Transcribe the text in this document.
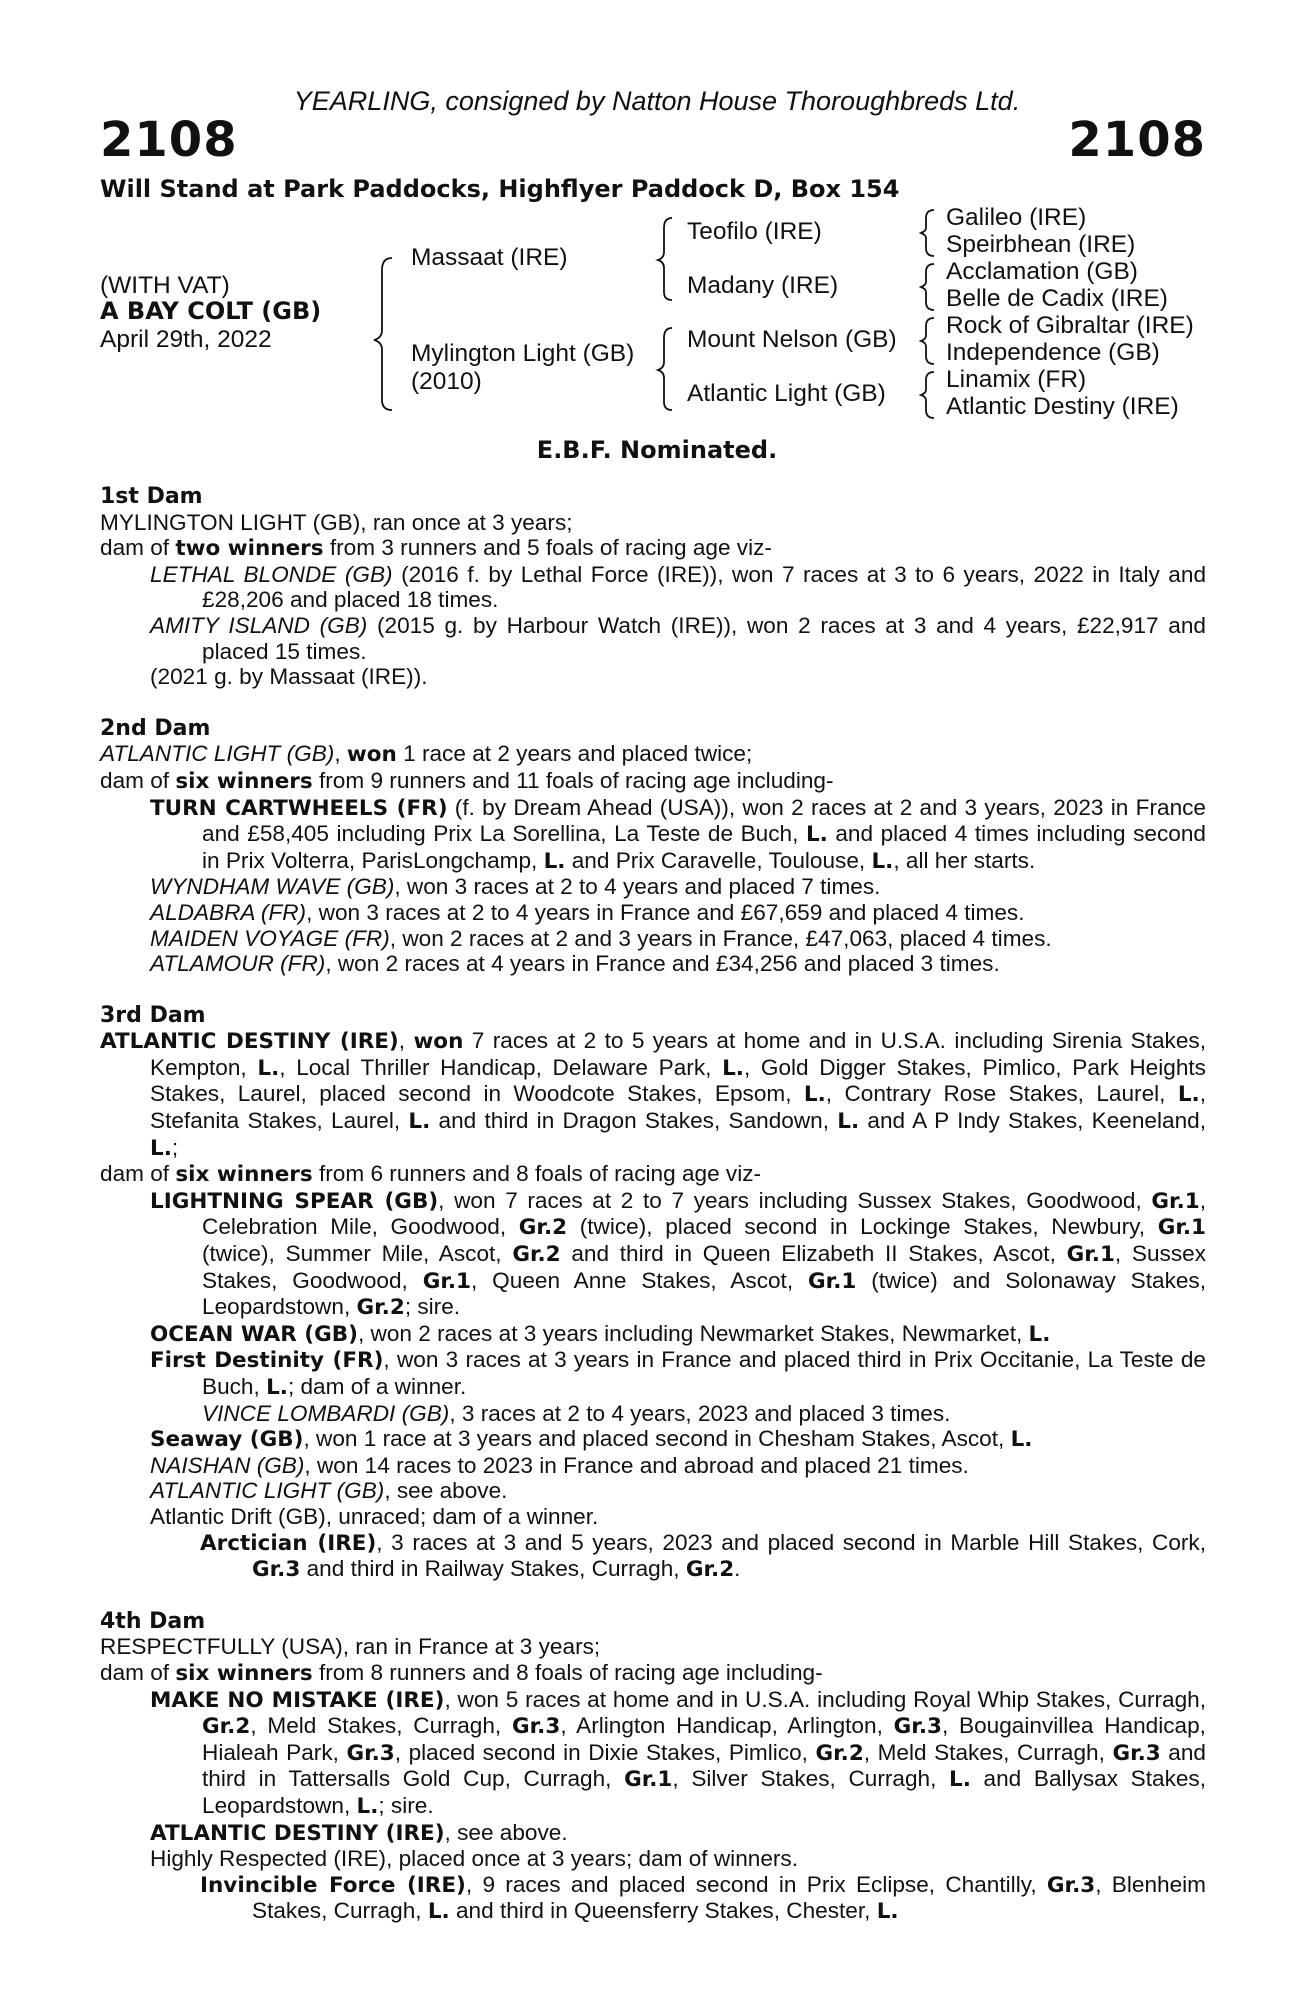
YEARLING, consigned by Natton House Thoroughbreds Ltd.
2108	2108
Will Stand at Park Paddocks, Highflyer Paddock D, Box 154
(WITH VAT)
A BAY COLT (GB)
April 29th, 2022
Massaat (IRE)
Mylington Light (GB)
(2010)
Teofilo (IRE)
Madany (IRE)
Mount Nelson (GB)
Atlantic Light (GB)
Galileo (IRE)
Speirbhean (IRE)
Acclamation (GB)
Belle de Cadix (IRE)
Rock of Gibraltar (IRE)
Independence (GB)
Linamix (FR)
Atlantic Destiny (IRE)
E.B.F. Nominated.
1st Dam
MYLINGTON LIGHT (GB), ran once at 3 years;
dam of two winners from 3 runners and 5 foals of racing age viz-
LETHAL BLONDE (GB) (2016 f. by Lethal Force (IRE)), won 7 races at 3 to 6 years, 2022 in Italy and £28,206 and placed 18 times.
AMITY ISLAND (GB) (2015 g. by Harbour Watch (IRE)), won 2 races at 3 and 4 years, £22,917 and placed 15 times.
(2021 g. by Massaat (IRE)).
2nd Dam
ATLANTIC LIGHT (GB), won 1 race at 2 years and placed twice;
dam of six winners from 9 runners and 11 foals of racing age including-
TURN CARTWHEELS (FR) (f. by Dream Ahead (USA)), won 2 races at 2 and 3 years, 2023 in France and £58,405 including Prix La Sorellina, La Teste de Buch, L. and placed 4 times including second in Prix Volterra, ParisLongchamp, L. and Prix Caravelle, Toulouse, L., all her starts.
WYNDHAM WAVE (GB), won 3 races at 2 to 4 years and placed 7 times.
ALDABRA (FR), won 3 races at 2 to 4 years in France and £67,659 and placed 4 times.
MAIDEN VOYAGE (FR), won 2 races at 2 and 3 years in France, £47,063, placed 4 times.
ATLAMOUR (FR), won 2 races at 4 years in France and £34,256 and placed 3 times.
3rd Dam
ATLANTIC DESTINY (IRE), won 7 races at 2 to 5 years at home and in U.S.A. including Sirenia Stakes, Kempton, L., Local Thriller Handicap, Delaware Park, L., Gold Digger Stakes, Pimlico, Park Heights Stakes, Laurel, placed second in Woodcote Stakes, Epsom, L., Contrary Rose Stakes, Laurel, L., Stefanita Stakes, Laurel, L. and third in Dragon Stakes, Sandown, L. and A P Indy Stakes, Keeneland, L.;
dam of six winners from 6 runners and 8 foals of racing age viz-
LIGHTNING SPEAR (GB), won 7 races at 2 to 7 years including Sussex Stakes, Goodwood, Gr.1, Celebration Mile, Goodwood, Gr.2 (twice), placed second in Lockinge Stakes, Newbury, Gr.1 (twice), Summer Mile, Ascot, Gr.2 and third in Queen Elizabeth II Stakes, Ascot, Gr.1, Sussex Stakes, Goodwood, Gr.1, Queen Anne Stakes, Ascot, Gr.1 (twice) and Solonaway Stakes, Leopardstown, Gr.2; sire.
OCEAN WAR (GB), won 2 races at 3 years including Newmarket Stakes, Newmarket, L.
First Destinity (FR), won 3 races at 3 years in France and placed third in Prix Occitanie, La Teste de Buch, L.; dam of a winner.
VINCE LOMBARDI (GB), 3 races at 2 to 4 years, 2023 and placed 3 times.
Seaway (GB), won 1 race at 3 years and placed second in Chesham Stakes, Ascot, L.
NAISHAN (GB), won 14 races to 2023 in France and abroad and placed 21 times.
ATLANTIC LIGHT (GB), see above.
Atlantic Drift (GB), unraced; dam of a winner.
Arctician (IRE), 3 races at 3 and 5 years, 2023 and placed second in Marble Hill Stakes, Cork, Gr.3 and third in Railway Stakes, Curragh, Gr.2.
4th Dam
RESPECTFULLY (USA), ran in France at 3 years;
dam of six winners from 8 runners and 8 foals of racing age including-
MAKE NO MISTAKE (IRE), won 5 races at home and in U.S.A. including Royal Whip Stakes, Curragh, Gr.2, Meld Stakes, Curragh, Gr.3, Arlington Handicap, Arlington, Gr.3, Bougainvillea Handicap, Hialeah Park, Gr.3, placed second in Dixie Stakes, Pimlico, Gr.2, Meld Stakes, Curragh, Gr.3 and third in Tattersalls Gold Cup, Curragh, Gr.1, Silver Stakes, Curragh, L. and Ballysax Stakes, Leopardstown, L.; sire.
ATLANTIC DESTINY (IRE), see above.
Highly Respected (IRE), placed once at 3 years; dam of winners.
Invincible Force (IRE), 9 races and placed second in Prix Eclipse, Chantilly, Gr.3, Blenheim Stakes, Curragh, L. and third in Queensferry Stakes, Chester, L.
